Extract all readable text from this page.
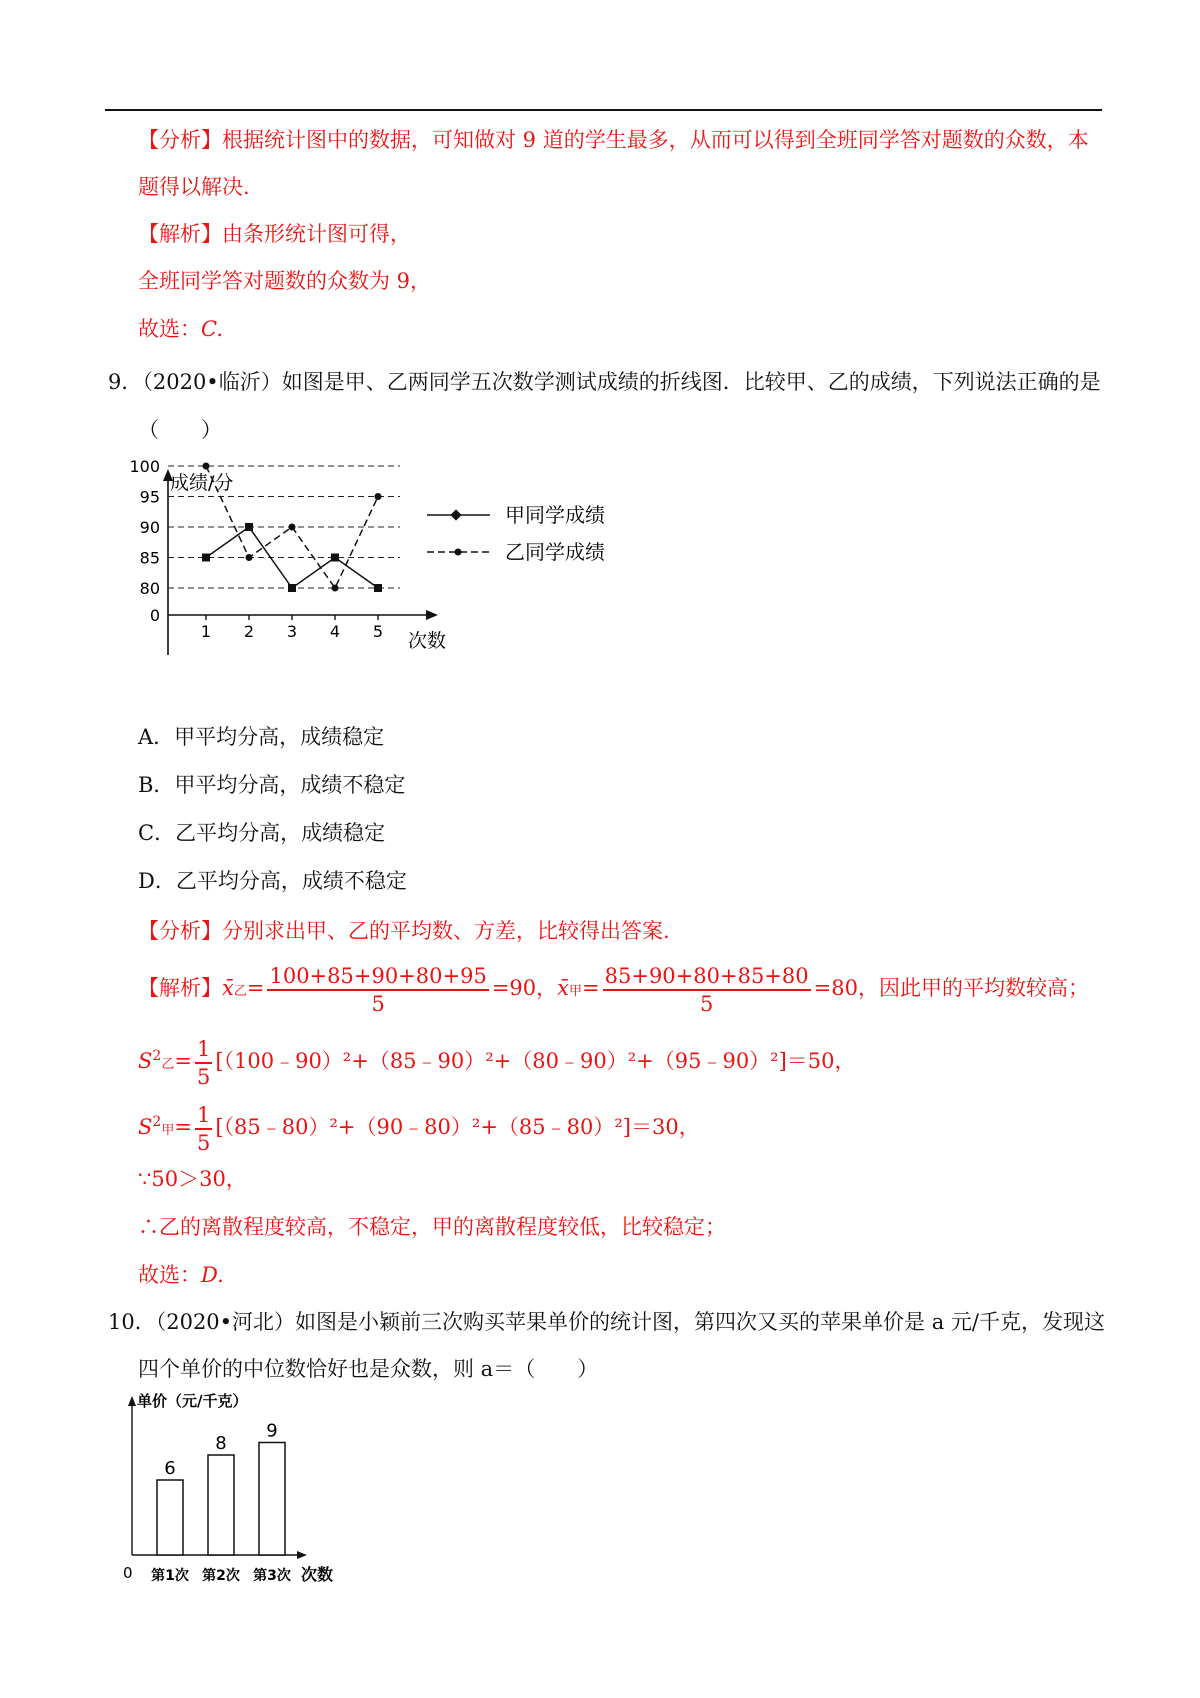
【分析】根据统计图中的数据，可知做对 9 道的学生最多，从而可以得到全班同学答对题数的众数，本
题得以解决.
【解析】由条形统计图可得，
全班同学答对题数的众数为 9，
故选：C.
9．（2020•临沂）如图是甲、乙两同学五次数学测试成绩的折线图．比较甲、乙的成绩，下列说法正确的是
（　　）
成绩/分
次数
0
80
85
90
95
100
1 2 3 4 5
甲同学成绩
乙同学成绩
A．甲平均分高，成绩稳定
B．甲平均分高，成绩不稳定
C．乙平均分高，成绩稳定
D．乙平均分高，成绩不稳定
【分析】分别求出甲、乙的平均数、方差，比较得出答案.
【解析】x̄乙= $\frac{100+85+90+80+95}{5} =90$，x̄甲= $\frac{85+90+80+85+80}{5} =80$，因此甲的平均数较高；
$S^2$乙= $\frac{1}{5}$ [（100﹣90）²+（85﹣90）²+（80﹣90）²+（95﹣90）²]＝50，
$S^2$甲= $\frac{1}{5}$ [（85﹣80）²+（90﹣80）²+（85﹣80）²]＝30，
∵50＞30，
∴乙的离散程度较高，不稳定，甲的离散程度较低，比较稳定；
故选：D.
10．（2020•河北）如图是小颖前三次购买苹果单价的统计图，第四次又买的苹果单价是 a 元/千克，发现这
四个单价的中位数恰好也是众数，则 a＝（　　）
单价（元/千克）
0	次数
6
第1次
8
第2次
9
第3次
